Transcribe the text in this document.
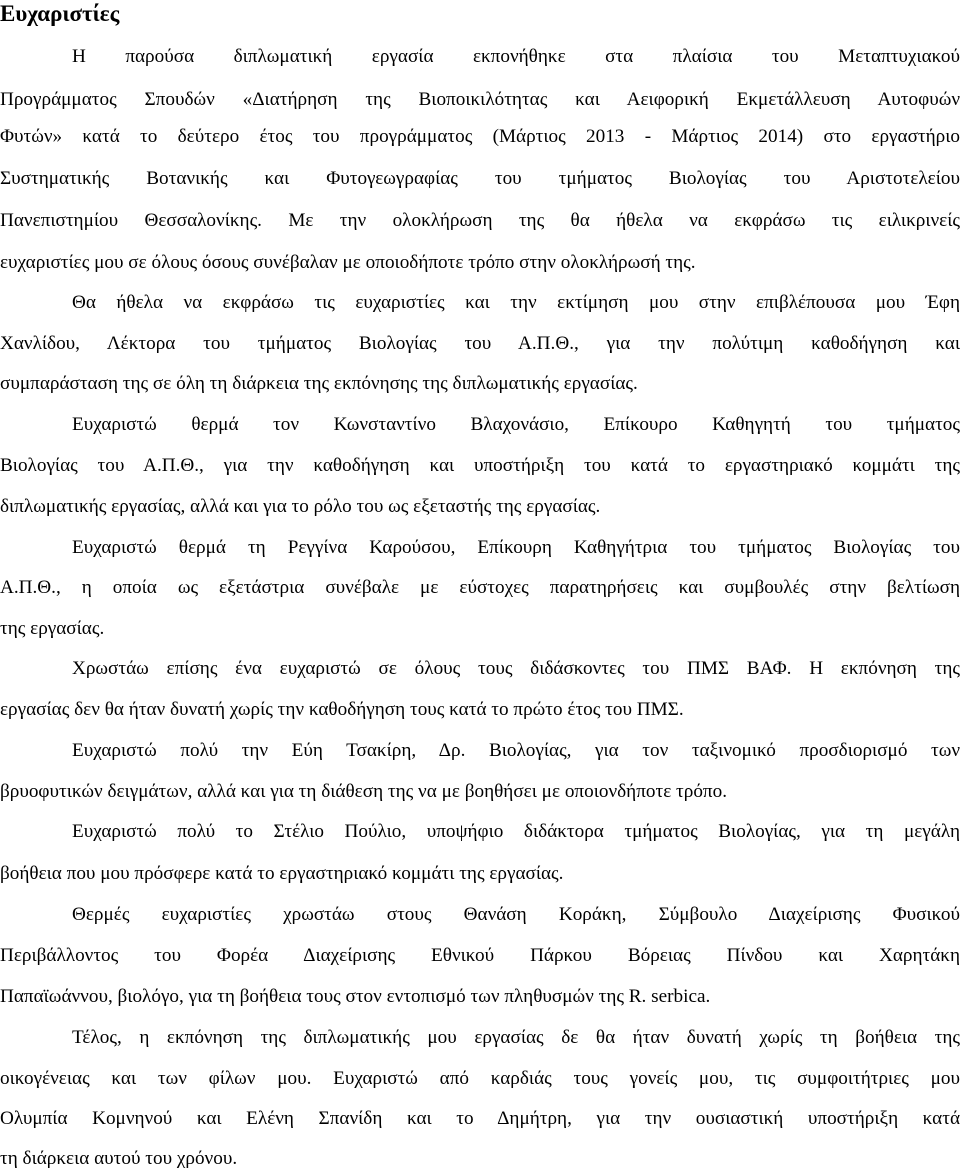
Ευχαριστίες

Η παρούσα διπλωματική εργασία εκπονήθηκε στα πλαίσια του Μεταπτυχιακού

Προγράμματος Σπουδών «Διατήρηση της Βιοποικιλότητας και Αειφορική Εκμετάλλευση Αυτοφυών

Φυτών» κατά το δεύτερο έτος του προγράμματος (Μάρτιος 2013 - Μάρτιος 2014) στο εργαστήριο

Συστηματικής Βοτανικής και Φυτογεωγραφίας του τμήματος Βιολογίας του Αριστοτελείου

Πανεπιστημίου Θεσσαλονίκης. Με την ολοκλήρωση της θα ήθελα να εκφράσω τις ειλικρινείς

ευχαριστίες μου σε όλους όσους συνέβαλαν με οποιοδήποτε τρόπο στην ολοκλήρωσή της.

Θα ήθελα να εκφράσω τις ευχαριστίες και την εκτίμηση μου στην επιβλέπουσα μου Έφη

Χανλίδου, Λέκτορα του τμήματος Βιολογίας του Α.Π.Θ., για την πολύτιμη καθοδήγηση και

συμπαράσταση της σε όλη τη διάρκεια της εκπόνησης της διπλωματικής εργασίας.

Ευχαριστώ θερμά τον Κωνσταντίνο Βλαχονάσιο, Επίκουρο Καθηγητή του τμήματος

Βιολογίας του Α.Π.Θ., για την καθοδήγηση και υποστήριξη του κατά το εργαστηριακό κομμάτι της

διπλωματικής εργασίας, αλλά και για το ρόλο του ως εξεταστής της εργασίας.

Ευχαριστώ θερμά τη Ρεγγίνα Καρούσου, Επίκουρη Καθηγήτρια του τμήματος Βιολογίας του

Α.Π.Θ., η οποία ως εξετάστρια συνέβαλε με εύστοχες παρατηρήσεις και συμβουλές στην βελτίωση

της εργασίας.

Χρωστάω επίσης ένα ευχαριστώ σε όλους τους διδάσκοντες του ΠΜΣ ΒΑΦ. Η εκπόνηση της

εργασίας δεν θα ήταν δυνατή χωρίς την καθοδήγηση τους κατά το πρώτο έτος του ΠΜΣ.

Ευχαριστώ πολύ την Εύη Τσακίρη, Δρ. Βιολογίας, για τον ταξινομικό προσδιορισμό των

βρυοφυτικών δειγμάτων, αλλά και για τη διάθεση της να με βοηθήσει με οποιονδήποτε τρόπο.

Ευχαριστώ πολύ το Στέλιο Πούλιο, υποψήφιο διδάκτορα τμήματος Βιολογίας, για τη μεγάλη

βοήθεια που μου πρόσφερε κατά το εργαστηριακό κομμάτι της εργασίας.

Θερμές ευχαριστίες χρωστάω στους Θανάση Κοράκη, Σύμβουλο Διαχείρισης Φυσικού

Περιβάλλοντος του Φορέα Διαχείρισης Εθνικού Πάρκου Βόρειας Πίνδου και Χαρητάκη

Παπαϊωάννου, βιολόγο, για τη βοήθεια τους στον εντοπισμό των πληθυσμών της R. serbica.

Τέλος, η εκπόνηση της διπλωματικής μου εργασίας δε θα ήταν δυνατή χωρίς τη βοήθεια της

οικογένειας και των φίλων μου. Ευχαριστώ από καρδιάς τους γονείς μου, τις συμφοιτήτριες μου

Ολυμπία Κομνηνού και Ελένη Σπανίδη και το Δημήτρη, για την ουσιαστική υποστήριξη κατά

τη διάρκεια αυτού του χρόνου.
